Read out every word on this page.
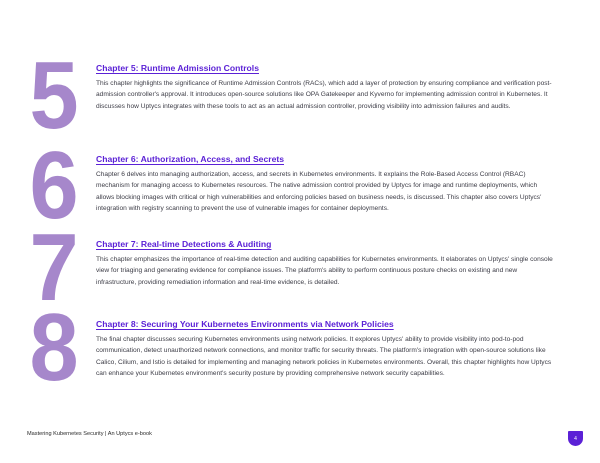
5	Chapter 5: Runtime Admission Controls

This chapter highlights the significance of Runtime Admission Controls (RACs), which add a layer of protection by ensuring compliance and verification post-admission controller's approval. It introduces open-source solutions like OPA Gatekeeper and Kyverno for implementing admission control in Kubernetes. It discusses how Uptycs integrates with these tools to act as an actual admission controller, providing visibility into admission failures and audits.

6	Chapter 6: Authorization, Access, and Secrets

Chapter 6 delves into managing authorization, access, and secrets in Kubernetes environments. It explains the Role-Based Access Control (RBAC) mechanism for managing access to Kubernetes resources. The native admission control provided by Uptycs for image and runtime deployments, which allows blocking images with critical or high vulnerabilities and enforcing policies based on business needs, is discussed. This chapter also covers Uptycs' integration with registry scanning to prevent the use of vulnerable images for container deployments.

7	Chapter 7: Real-time Detections & Auditing

This chapter emphasizes the importance of real-time detection and auditing capabilities for Kubernetes environments. It elaborates on Uptycs' single console view for triaging and generating evidence for compliance issues. The platform's ability to perform continuous posture checks on existing and new infrastructure, providing remediation information and real-time evidence, is detailed.

8	Chapter 8: Securing Your Kubernetes Environments via Network Policies

The final chapter discusses securing Kubernetes environments using network policies. It explores Uptycs' ability to provide visibility into pod-to-pod communication, detect unauthorized network connections, and monitor traffic for security threats. The platform's integration with open-source solutions like Calico, Cilium, and Istio is detailed for implementing and managing network policies in Kubernetes environments. Overall, this chapter highlights how Uptycs can enhance your Kubernetes environment's security posture by providing comprehensive network security capabilities.

Mastering Kubernetes Security | An Uptycs e-book
4
